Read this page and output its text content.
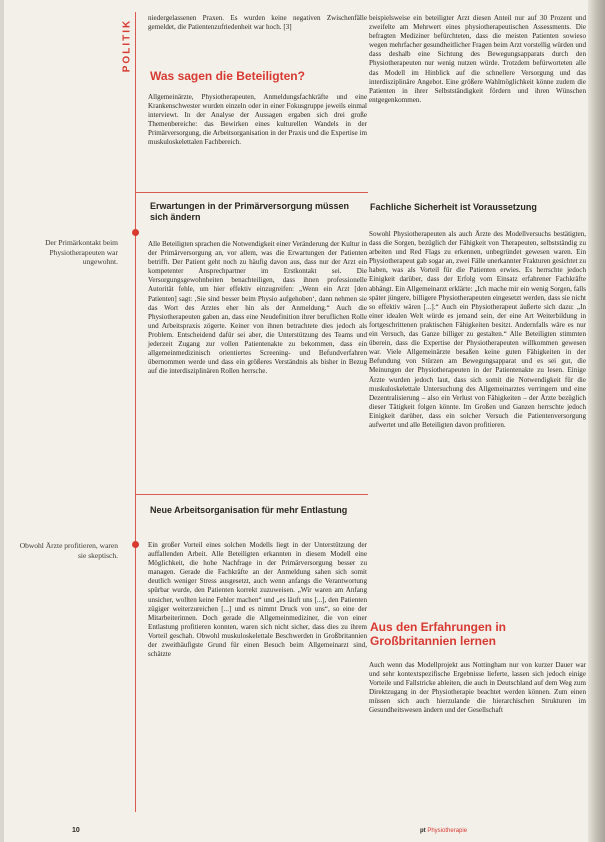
POLITIK
Der Primärkontakt beim Physiotherapeuten war ungewohnt.
Obwohl Ärzte profitieren, waren sie skeptisch.
niedergelassenen Praxen. Es wurden keine negativen Zwischenfälle gemeldet, die Patientenzufriedenheit war hoch. [3]
Was sagen die Beteiligten?
Allgemeinärzte, Physiotherapeuten, Anmeldungsfachkräfte und eine Krankenschwester wurden einzeln oder in einer Fokusgruppe jeweils einmal interviewt. In der Analyse der Aussagen ergaben sich drei große Themenbereiche: das Bewirken eines kulturellen Wandels in der Primärversorgung, die Arbeitsorganisation in der Praxis und die Expertise im muskuloskelettalen Fachbereich.
Erwartungen in der Primärversorgung müssen sich ändern
Alle Beteiligten sprachen die Notwendigkeit einer Veränderung der Kultur in der Primärversorgung an, vor allem, was die Erwartungen der Patienten betrifft. Der Patient geht noch zu häufig davon aus, dass nur der Arzt ein kompetenter Ansprechpartner im Erstkontakt sei. Die Versorgungsgewohnheiten benachteiligen, dass ihnen professionelle Autorität fehle, um hier effektiv einzugreifen: „Wenn ein Arzt [den Patienten] sagt: ‚Sie sind besser beim Physio aufgehoben‘, dann nehmen sie das Wort des Arztes eher hin als der Anmeldung.“ Auch die Physiotherapeuten gaben an, dass eine Neudefinition ihrer beruflichen Rolle und Arbeitspraxis zögerte. Keiner von ihnen betrachtete dies jedoch als Problem. Entscheidend dafür sei aber, die Unterstützung des Teams und jederzeit Zugang zur vollen Patientenakte zu bekommen, dass ein allgemeinmedizinisch orientiertes Screening- und Befundverfahren übernommen werde und dass ein größeres Verständnis als bisher in Bezug auf die interdisziplinären Rollen herrsche.
Neue Arbeitsorganisation für mehr Entlastung
Ein großer Vorteil eines solchen Modells liegt in der Unterstützung der auffallenden Arbeit. Alle Beteiligten erkannten in diesem Modell eine Möglichkeit, die hohe Nachfrage in der Primärversorgung besser zu managen. Gerade die Fachkräfte an der Anmeldung sahen sich somit deutlich weniger Stress ausgesetzt, auch wenn anfangs die Verantwortung spürbar wurde, den Patienten korrekt zuzuweisen. „Wir waren am Anfang unsicher, wollten keine Fehler machen“ und „es läuft uns [...], den Patienten zügiger weiterzureichen [...] und es nimmt Druck von uns“, so eine der Mitarbeiterinnen. Doch gerade die Allgemeinmediziner, die von einer Entlastung profitieren konnten, waren sich nicht sicher, dass dies zu ihrem Vorteil geschah. Obwohl muskuloskelettale Beschwerden in Großbritannien der zweithäufigste Grund für einen Besuch beim Allgemeinarzt sind, schätzte
beispielsweise ein beteiligter Arzt diesen Anteil nur auf 30 Prozent und zweifelte am Mehrwert eines physiotherapeutischen Assessments. Die befragten Mediziner befürchteten, dass die meisten Patienten sowieso wegen mehrfacher gesundheitlicher Fragen beim Arzt vorstellig würden und dass deshalb eine Sichtung des Bewegungsapparats durch den Physiotherapeuten nur wenig nutzen würde. Trotzdem befürworteten alle das Modell im Hinblick auf die schnellere Versorgung und das interdisziplinäre Angebot. Eine größere Wahlmöglichkeit könne zudem die Patienten in ihrer Selbstständigkeit fördern und ihren Wünschen entgegenkommen.
Fachliche Sicherheit ist Voraussetzung
Sowohl Physiotherapeuten als auch Ärzte des Modellversuchs bestätigten, dass die Sorgen, bezüglich der Fähigkeit von Therapeuten, selbstständig zu arbeiten und Red Flags zu erkennen, unbegründet gewesen waren. Ein Physiotherapeut gab sogar an, zwei Fälle unerkannter Frakturen gesichtet zu haben, was als Vorteil für die Patienten erwies. Es herrschte jedoch Einigkeit darüber, dass der Erfolg vom Einsatz erfahrener Fachkräfte abhängt. Ein Allgemeinarzt erklärte: „Ich mache mir ein wenig Sorgen, falls später jüngere, billigere Physiotherapeuten eingesetzt werden, dass sie nicht so effektiv wären [...].“ Auch ein Physiotherapeut äußerte sich dazu: „In einer idealen Welt würde es jemand sein, der eine Art Weiterbildung in fortgeschrittenen praktischen Fähigkeiten besitzt. Andernfalls wäre es nur ein Versuch, das Ganze billiger zu gestalten.“ Alle Beteiligten stimmten überein, dass die Expertise der Physiotherapeuten willkommen gewesen war. Viele Allgemeinärzte besaßen keine guten Fähigkeiten in der Befundung von Stürzen am Bewegungsapparat und es sei gut, die Meinungen der Physiotherapeuten in der Patientenakte zu lesen. Einige Ärzte wurden jedoch laut, dass sich somit die Notwendigkeit für die muskuloskelettale Untersuchung des Allgemeinarztes verringern und eine Dezentralisierung – also ein Verlust von Fähigkeiten – der Ärzte bezüglich dieser Tätigkeit folgen könnte. Im Großen und Ganzen herrschte jedoch Einigkeit darüber, dass ein solcher Versuch die Patientenversorgung aufwertet und alle Beteiligten davon profitieren.
Aus den Erfahrungen in Großbritannien lernen
Auch wenn das Modellprojekt aus Nottingham nur von kurzer Dauer war und sehr kontextspezifische Ergebnisse lieferte, lassen sich jedoch einige Vorteile und Fallstricke ableiten, die auch in Deutschland auf dem Weg zum Direktzugang in der Physiotherapie beachtet werden können. Zum einen müssen sich auch hierzulande die hierarchischen Strukturen im Gesundheitswesen ändern und der Gesellschaft
10	pt Physiotherapie
